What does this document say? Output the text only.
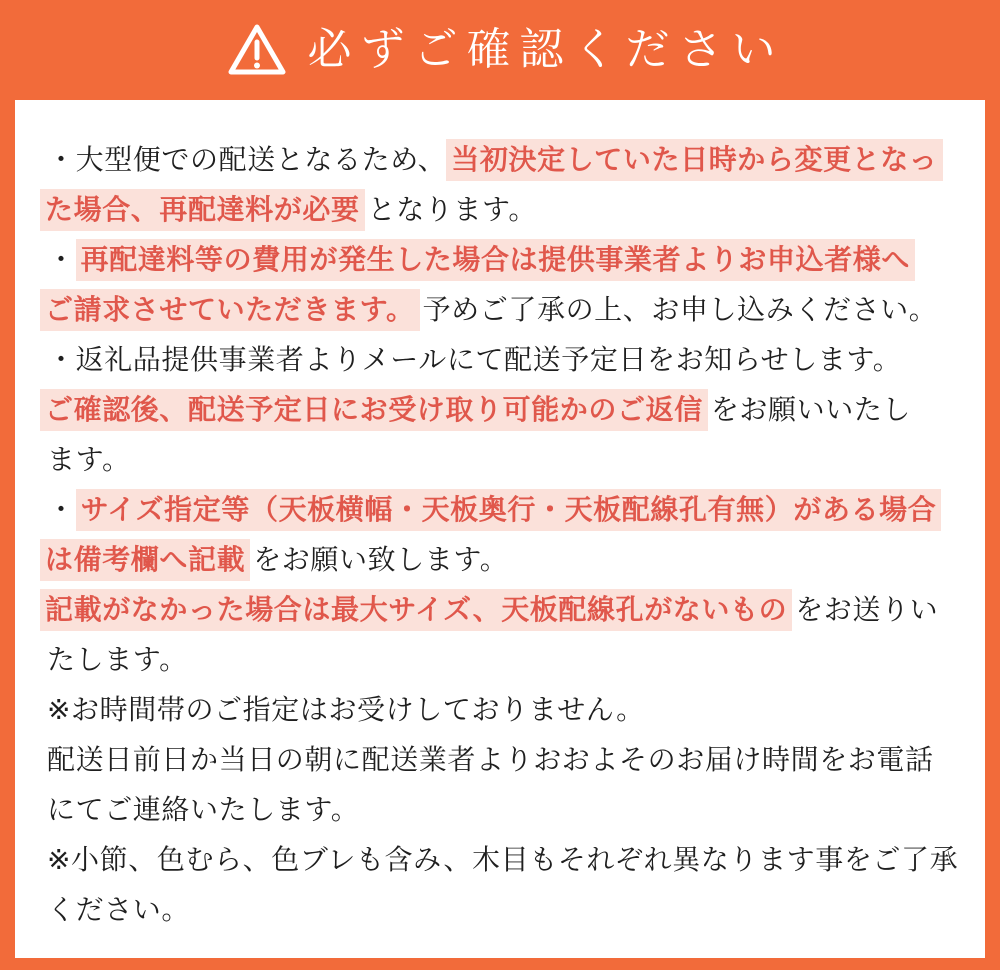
必ずご確認ください
・大型便での配送となるため、 当初決定していた日時から変更となっ
た場合、再配達料が必要 となります。
・ 再配達料等の費用が発生した場合は提供事業者よりお申込者様へ
ご請求させていただきます。 予めご了承の上、お申し込みください。
・返礼品提供事業者よりメールにて配送予定日をお知らせします。
ご確認後、配送予定日にお受け取り可能かのご返信 をお願いいたし
ます。
・ サイズ指定等（天板横幅・天板奥行・天板配線孔有無）がある場合
は備考欄へ記載 をお願い致します。
記載がなかった場合は最大サイズ、天板配線孔がないもの をお送りい
たします。
※お時間帯のご指定はお受けしておりません。
配送日前日か当日の朝に配送業者よりおおよそのお届け時間をお電話
にてご連絡いたします。
※小節、色むら、色ブレも含み、木目もそれぞれ異なります事をご了承
ください。
